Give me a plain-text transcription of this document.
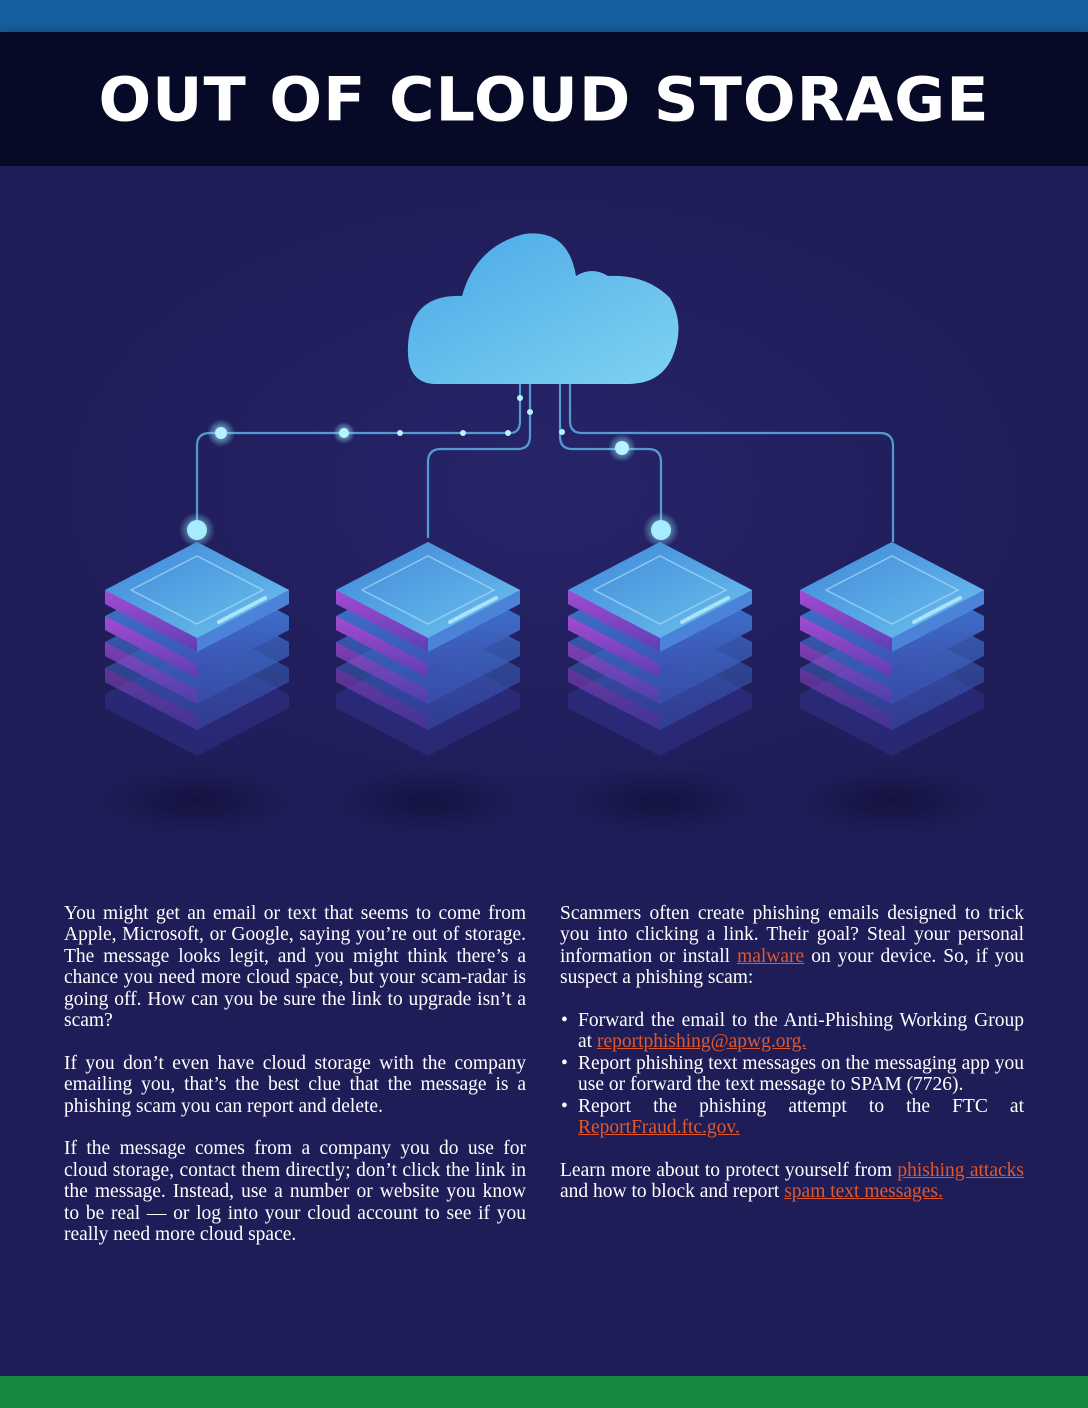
OUT OF CLOUD STORAGE

You might get an email or text that seems to come from Apple, Microsoft, or Google, saying you’re out of storage. The message looks legit, and you might think there’s a chance you need more cloud space, but your scam-radar is going off. How can you be sure the link to upgrade isn’t a scam?

If you don’t even have cloud storage with the company emailing you, that’s the best clue that the message is a phishing scam you can report and delete.

If the message comes from a company you do use for cloud storage, contact them directly; don’t click the link in the message. Instead, use a number or website you know to be real — or log into your cloud account to see if you really need more cloud space.

Scammers often create phishing emails designed to trick you into clicking a link. Their goal? Steal your personal information or install malware on your device. So, if you suspect a phishing scam:

• Forward the email to the Anti-Phishing Working Group at reportphishing@apwg.org.
• Report phishing text messages on the messaging app you use or forward the text message to SPAM (7726).
• Report the phishing attempt to the FTC at ReportFraud.ftc.gov.

Learn more about to protect yourself from phishing attacks and how to block and report spam text messages.
